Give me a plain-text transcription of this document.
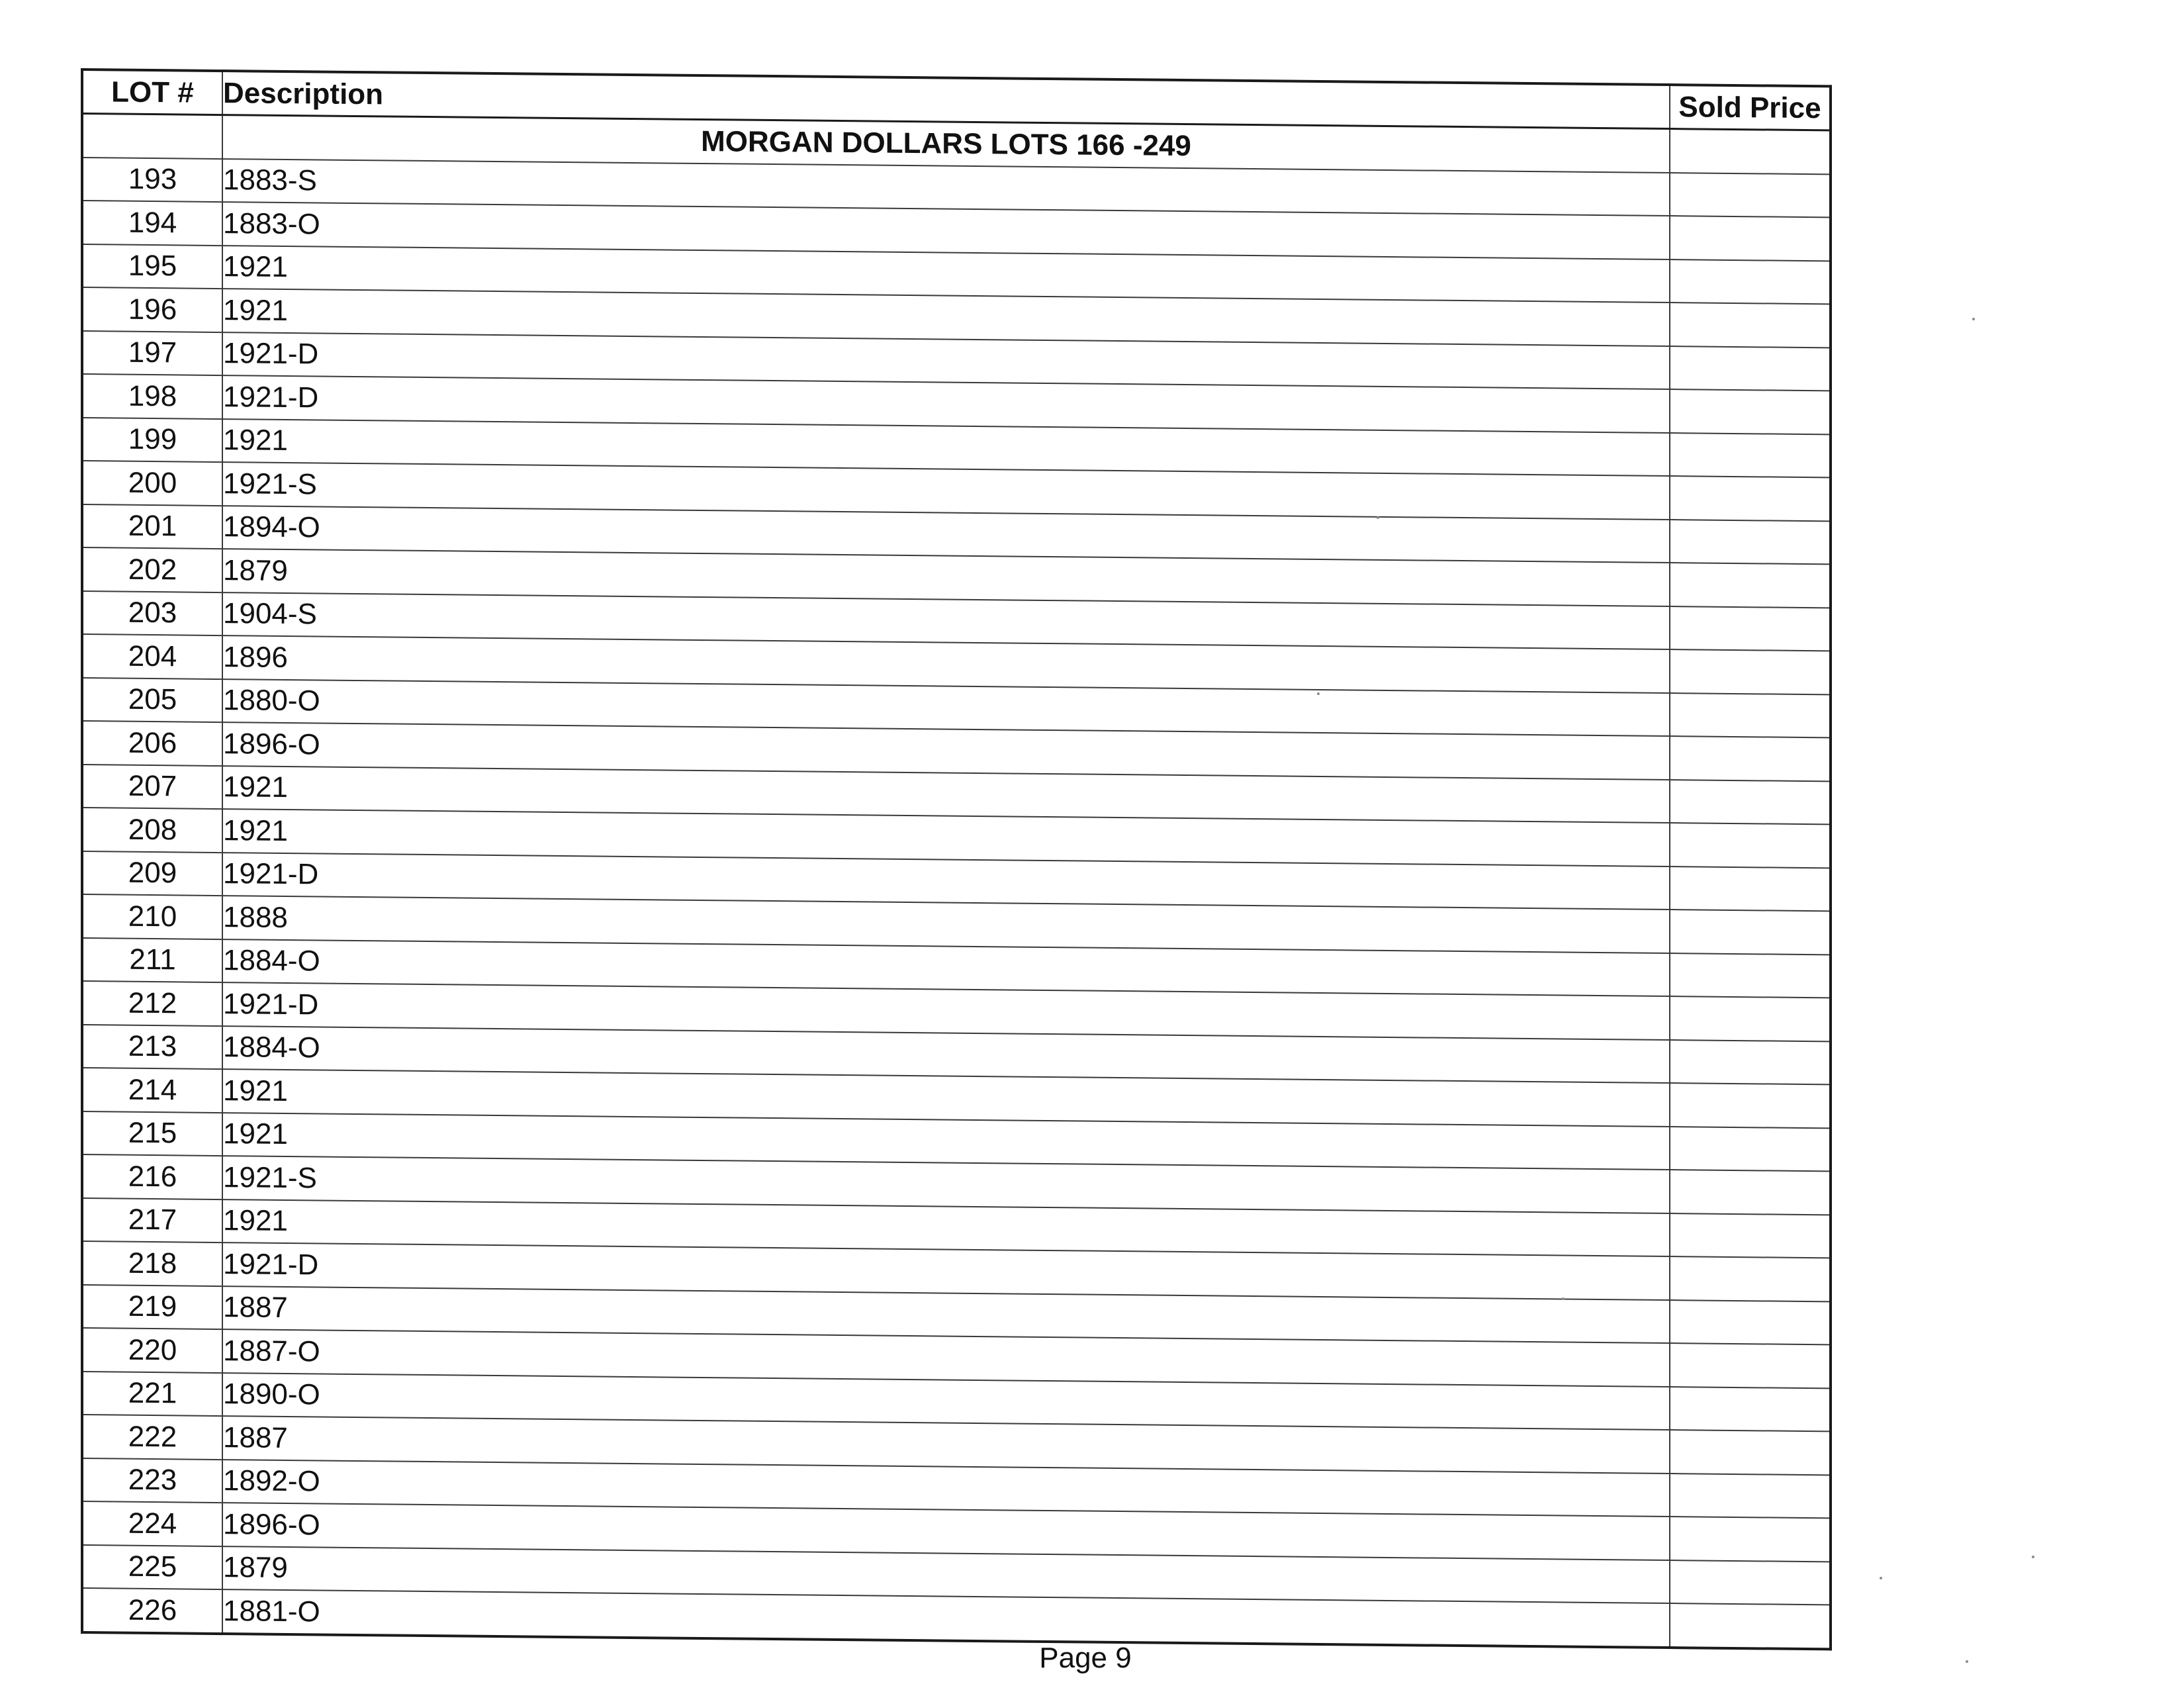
LOT #	Description	Sold Price
	MORGAN DOLLARS LOTS 166 -249	
193	1883-S	
194	1883-O	
195	1921	
196	1921	
197	1921-D	
198	1921-D	
199	1921	
200	1921-S	
201	1894-O	
202	1879	
203	1904-S	
204	1896	
205	1880-O	
206	1896-O	
207	1921	
208	1921	
209	1921-D	
210	1888	
211	1884-O	
212	1921-D	
213	1884-O	
214	1921	
215	1921	
216	1921-S	
217	1921	
218	1921-D	
219	1887	
220	1887-O	
221	1890-O	
222	1887	
223	1892-O	
224	1896-O	
225	1879	
226	1881-O	
Page 9
